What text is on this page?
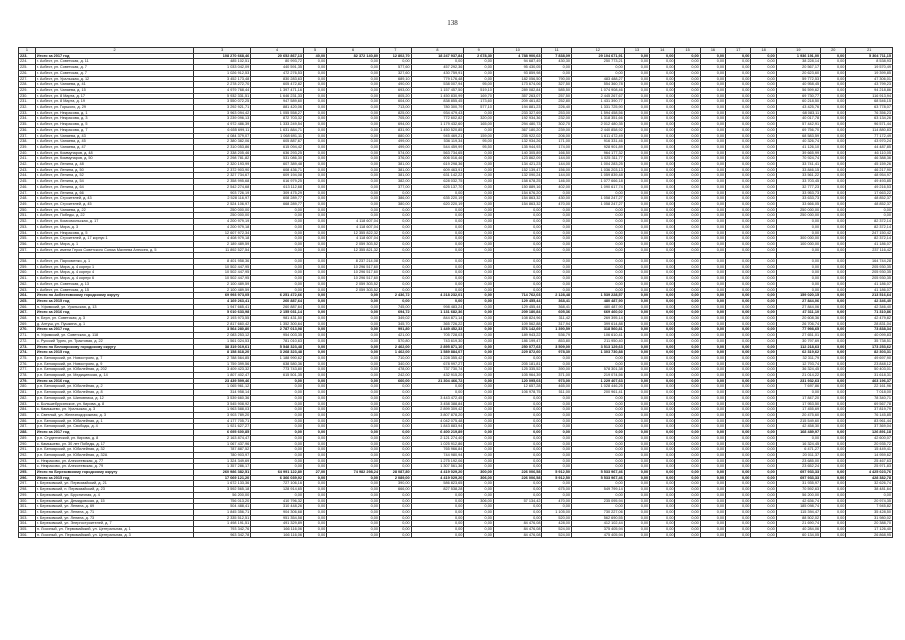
138
1	2	3	4	5	6	7	8	9	10	11	12	13	14	15	16	17	18	19	20	21
223.	Итого за 2017 год	108 270 668,46	20 652 867,13	40,00	82 372 140,80	12 802,70	18 247 937,84	2 678,30	4 788 900,63	7 838,09	29 104 671,91	0,00	0,00	0,00	0,00	0,00	0,00	1 936 191,00	0,00	5 304 711,15
224.	г. Асбест, ул. Советская, д. 11	485 102,51	80 993,72	0,00	0,00	0,00	0,00	0,00	94 687,49	430,30	250 773,21	0,00	0,00	0,00	0,00	0,00	0,00	38 228,14	0,00	8 538,93
225.	г. Асбест, ул. Советская, д. 7	1 033 042,09	440 591,35	0,00	0,00	577,60	457 292,36	0,00	95 430,05	0,00	0,00	0,00	0,00	0,00	0,00	0,00	0,00	20 567,17	0,00	19 570,49
226.	г. Асбест, ул. Советская, д. 7	1 026 912,53	472 276,53	0,00	0,00	327,60	430 759,91	0,00	93 859,98	0,00	0,00	0,00	0,00	0,00	0,00	0,00	0,00	20 623,60	0,00	19 399,85
227.	г. Асбест, ул. Уральская, д. 12	3 452 173,48	830 283,63	0,00	0,00	689,10	779 176,48	0,00	182 056,50	790,00	483 488,27	0,00	0,00	0,00	0,00	0,00	0,00	59 772,53	0,00	47 306,01
228.	г. Асбест, ул. Чапаева, д. 41	2 278 272,70	605 472,82	0,00	0,00	490,00	538 007,94	95,00	173 674,06	327,50	554 360,78	0,00	0,00	0,00	0,00	0,00	0,00	40 958,45	0,00	43 799,23
229.	г. Асбест, ул. Чапаева, д. 15	4 979 768,44	1 397 471,16	0,00	0,00	693,00	1 157 457,50	519,10	289 082,84	585,50	1 074 908,46	0,00	0,00	0,00	0,00	0,00	0,00	56 599,62	0,00	94 218,86
230.	г. Асбест, ул. 8 Марта, д. 17	5 932 331,51	1 646 231,33	0,00	0,00	805,20	1 450 830,99	169,70	357 263,07	257,50	2 445 267,67	0,00	0,00	0,00	0,00	0,00	0,00	69 730,77	0,00	116 913,94
231.	г. Асбест, ул. 8 Марта, д. 19	3 550 072,25	947 589,60	0,00	0,00	604,00	838 855,45	173,60	209 461,82	252,80	1 431 390,77	0,00	0,00	0,00	0,00	0,00	0,00	60 218,50	0,00	68 546,15
232.	г. Асбест, ул. Горького, д. 29	3 292 921,71	881 420,06	0,00	0,00	713,00	780 300,79	577,10	194 881,23	226,40	1 331 725,90	0,00	0,00	0,00	0,00	0,00	0,00	43 425,76	0,00	63 778,07
233.	г. Асбест, ул. Некрасова, д. 1	3 963 094,42	1 055 558,27	0,00	0,00	825,00	934 479,43	0,00	233 327,69	253,00	1 594 458,56	0,00	0,00	0,00	0,00	0,00	0,00	68 083,11	0,00	76 356,23
234.	г. Асбест, ул. Некрасова, д. 3	3 239 096,13	872 703,32	0,00	0,00	705,00	772 602,82	320,00	192 934,36	232,00	1 318 351,66	0,00	0,00	0,00	0,00	0,00	0,00	40 017,78	0,00	63 134,26
235.	г. Асбест, ул. Некрасова, д. 5	4 972 486,39	1 333 249,54	0,00	0,00	694,00	1 179 432,60	165,00	294 480,73	302,70	2 012 480,35	0,00	0,00	0,00	0,00	0,00	0,00	57 442,91	0,00	96 571,44
236.	г. Асбест, ул. Некрасова, д. 7	6 655 699,11	1 631 884,71	0,00	0,00	831,90	1 450 520,85	0,00	367 180,20	239,00	2 440 858,92	0,00	0,00	0,00	0,00	0,00	0,00	69 756,70	0,00	114 880,83
237.	г. Асбест, ул. Чапаева, д. 43	4 084 379,07	1 068 691,11	0,00	0,00	880,00	945 469,21	159,00	235 922,02	206,00	1 611 472,49	0,00	0,00	0,00	0,00	0,00	0,00	68 583,59	0,00	77 172,49
238.	г. Асбест, ул. Чапаева, д. 45	2 380 382,06	605 887,67	0,00	0,00	499,00	536 119,34	95,00	132 934,26	171,00	916 331,46	0,00	0,00	0,00	0,00	0,00	0,00	40 326,74	0,00	43 970,24
239.	г. Асбест, ул. Чапаева, д. 47	2 310 053,86	615 094,42	0,00	0,00	499,00	544 459,99	95,50	135 944,93	174,00	928 901,89	0,00	0,00	0,00	0,00	0,00	0,00	41 126,10	0,00	44 487,85
240.	г. Асбест, ул. Коммунаров, д. 48	2 338 205,46	636 293,25	0,00	0,00	574,00	563 734,65	0,00	140 305,89	166,50	964 177,32	0,00	0,00	0,00	0,00	0,00	0,00	39 665,99	0,00	46 110,05
241.	г. Асбест, ул. Коммунаров, д. 50	2 298 781,82	531 086,30	0,00	0,00	376,00	606 016,46	0,00	123 862,09	144,00	1 025 311,77	0,00	0,00	0,00	0,00	0,00	0,00	70 924,74	0,00	46 388,36
242.	г. Асбест, ул. Ленина, д. 48	2 320 193,99	607 389,48	0,00	0,00	381,00	619 298,36	0,00	134 421,23	144,00	1 004 283,25	0,00	0,00	0,00	0,00	0,00	0,00	33 741,41	0,00	45 159,26
243.	г. Асбест, ул. Ленина, д. 50	2 372 903,90	608 436,71	0,00	0,00	381,00	609 463,91	0,00	152 139,47	156,00	1 036 203,13	0,00	0,00	0,00	0,00	0,00	0,00	33 846,15	0,00	46 217,90
244.	г. Асбест, ул. Ленина, д. 52	2 327 734,67	609 194,08	0,00	0,00	381,00	631 142,22	0,00	132 090,24	144,00	1 059 839,48	0,00	0,00	0,00	0,00	0,00	0,00	33 561,22	0,00	48 954,97
245.	г. Асбест, ул. Ленина, д. 54	2 358 995,68	616 979,25	0,00	0,00	382,00	628 032,75	0,00	158 678,25	146,00	1 077 666,18	0,00	0,00	0,00	0,00	0,00	0,00	33 703,45	0,00	49 493,85
246.	г. Асбест, ул. Ленина, д. 64	2 542 274,68	613 112,68	0,00	0,00	377,00	625 137,70	0,00	150 889,16	402,00	1 090 617,74	0,00	0,00	0,00	0,00	0,00	0,00	32 777,23	0,00	49 216,53
247.	г. Асбест, ул. Ленина, д. 66	903 726,19	309 475,29	0,00	0,00	0,00	0,00	0,00	154 676,20	0,00	0,00	0,00	0,00	0,00	0,00	0,00	0,00	33 953,73	0,00	17 663,22
248.	г. Асбест, ул. Строителей, д. 43	2 528 116,97	608 289,77	0,00	0,00	386,00	635 220,19	0,00	154 863,32	430,00	1 058 247,27	0,00	0,00	0,00	0,00	0,00	0,00	33 633,73	0,00	48 852,37
249.	г. Асбест, ул. Строителей, д. 45	2 524 106,97	668 289,77	0,00	0,00	380,00	620 220,19	0,00	154 863,32	470,00	1 058 247,27	0,00	0,00	0,00	0,00	0,00	0,00	33 666,05	0,00	48 852,37
250.	г. Асбест, ул. Чапаева, д. 22	250 000,00	0,00	0,00	0,00	0,00	0,00	0,00	0,00	0,00	0,00	0,00	0,00	0,00	0,00	0,00	0,00	250 000,00	0,00	0,00
251.	г. Асбест, ул. Победы, д. 22	250 000,00	0,00	0,00	0,00	0,00	0,00	0,00	0,00	0,00	0,00	0,00	0,00	0,00	0,00	0,00	0,00	250 000,00	0,00	0,00
252.	г. Асбест, ул. Комсомольская, д. 17	4 200 979,19	0,00	0,00	4 118 607,04	0,00	0,00	0,00	0,00	0,00	0,00	0,00	0,00	0,00	0,00	0,00	0,00	0,00	0,00	82 372,14
253.	г. Асбест, ул. Мира, д. 3	4 200 979,18	0,00	0,00	4 118 607,04	0,00	0,00	0,00	0,00	0,00	0,00	0,00	0,00	0,00	0,00	0,00	0,00	0,00	0,00	82 372,14
254.	г. Асбест, ул. Некрасова, д. 5	12 607 972,34	0,00	0,00	12 355 822,32	0,00	0,00	0,00	0,00	0,00	0,00	0,00	0,00	0,00	0,00	0,00	0,00	0,00	0,00	247 150,42
255.	г. Асбест, ул. Строителей, д. 17 корпус 1	4 408 979,18	0,00	0,00	4 118 607,04	0,00	0,00	0,00	0,00	0,00	0,00	0,00	0,00	0,00	0,00	0,00	0,00	300 000,00	0,00	82 372,14
256.	г. Асбест, ул. Мира, д. 1	2 189 489,59	0,00	0,00	2 059 303,52	0,00	0,00	0,00	0,00	0,00	0,00	0,00	0,00	0,00	0,00	0,00	0,00	100 000,00	0,00	41 186,07
257.	г. Асбест, ул. имени Героя Советского Союза Махнева Алексея, д. 5	11 892 527,54	0,00	0,00	12 355 821,32	0,00	0,00	0,00	0,00	0,00	0,00	0,00	0,00	0,00	0,00	0,00	0,00	0,00	0,00	237 116,42

258.	г. Асбест, ул. Пархоменко, д. 1	8 401 958,36	0,00	0,00	8 237 214,08	0,00	0,00	0,00	0,00	0,00	0,00	0,00	0,00	0,00	0,00	0,00	0,00	0,00	0,00	164 744,28
259.	г. Асбест, ул. Мира, д. 4 корпус 1	10 502 447,95	0,00	0,00	10 296 517,60	0,00	0,00	0,00	0,00	0,00	0,00	0,00	0,00	0,00	0,00	0,00	0,00	0,00	0,00	205 930,35
260.	г. Асбест, ул. Мира, д. 4 корпус 4	10 502 447,95	0,00	0,00	10 296 517,60	0,00	0,00	0,00	0,00	0,00	0,00	0,00	0,00	0,00	0,00	0,00	0,00	0,00	0,00	205 930,35
261.	г. Асбест, ул. Мира, д. 4 корпус 6	10 502 447,95	0,00	0,00	10 296 517,60	0,00	0,00	0,00	0,00	0,00	0,00	0,00	0,00	0,00	0,00	0,00	0,00	0,00	0,00	205 930,35
262.	г. Асбест, ул. Советская, д. 13	2 100 489,59	0,00	0,00	2 059 303,52	0,00	0,00	0,00	0,00	0,00	0,00	0,00	0,00	0,00	0,00	0,00	0,00	0,00	0,00	41 186,07
263.	г. Асбест, ул. Советская, д. 15	2 100 489,59	0,00	0,00	2 059 303,52	0,00	0,00	0,00	0,00	0,00	0,00	0,00	0,00	0,00	0,00	0,00	0,00	0,00	0,00	41 186,07
264.	Итого по Асбестовскому городскому округу	69 993 973,05	6 251 472,66	0,00	0,00	2 436,72	4 218 232,01	0,00	714 762,03	2 128,48	1 539 228,57	0,00	0,00	0,00	0,00	0,00	0,00	159 020,15	0,00	213 516,64
265.	Итого за 2015 год	4 169 263,41	260 887,64	0,00	0,00	0,00	0,00	0,00	129 455,44	368,41	480 487,90	0,00	0,00	0,00	0,00	0,00	0,00	27 844,06	0,00	42 346,40
266.	п. Уфимский, ул. Уральская, д. 13	1 947 665,41	260 887,64	0,00	0,00	745,00	998 483,24	0,00	129 455,44	368,41	480 487,90	0,00	0,00	0,00	0,00	0,00	0,00	27 844,06	0,00	42 346,40
267.	Итого за 2016 год	5 010 633,98	2 155 031,14	0,00	0,00	694,72	1 131 682,36	0,00	209 180,84	605,36	669 460,02	0,00	0,00	0,00	0,00	0,00	0,00	47 311,10	0,00	71 310,86
268.	п. Берл, ул. Советская, д. 3	2 193 973,55	981 431,50	0,00	0,00	349,02	844 871,14	0,00	108 824,96	311,42	269 395,14	0,00	0,00	0,00	0,00	0,00	0,00	20 608,36	0,00	42 479,82
269.	д. Алтуш, ул. Пушкина, д. 1	2 817 660,42	1 352 300,64	0,00	0,00	345,70	365 726,22	0,00	109 562,88	317,94	399 614,88	0,00	0,00	0,00	0,00	0,00	0,00	26 706,74	0,00	28 831,04
270.	Итого за 2017 год	3 564 280,80	2 787 013,98	0,00	0,00	991,80	1 449 452,33	0,00	376 142,69	1 390,59	318 560,81	0,00	0,00	0,00	0,00	0,00	0,00	77 998,65	0,00	73 838,34
271.	п. Уфимский, ул. Советская, д. 118	2 083 253,12	954 003,35	0,00	0,00	421,00	705 728,03	0,00	189 943,22	536,79	106 610,41	0,00	0,00	0,00	0,00	0,00	0,00	27 651,01	0,00	40 099,83
272.	с. Русский Турек, ул. Трактовая, д. 22	1 561 024,53	781 010,63	0,00	0,00	570,80	743 619,30	0,00	186 199,47	853,80	211 950,40	0,00	0,00	0,00	0,00	0,00	0,00	30 797,69	0,00	35 738,51
273.	Итого по Белоярскому городскому округу	38 319 019,61	5 548 323,48	0,00	0,00	2 462,00	2 895 871,10	0,00	250 077,63	3 509,00	3 513 129,63	0,00	0,00	0,00	0,00	0,00	0,00	112 218,63	0,00	173 253,62
274.	Итого за 2015 год	8 158 818,20	3 268 323,48	0,00	0,00	1 462,00	1 589 884,07	0,00	229 872,60	978,30	1 303 730,88	0,00	0,00	0,00	0,00	0,00	0,00	62 319,62	0,00	82 303,31
275.	р.п. Белоярский, ул. Новостроек, д. 7	2 788 564,85	1 188 990,62	0,00	0,00	710,00	1 228 355,42	0,00	0,00	0,00	0,00	0,00	0,00	0,00	0,00	0,00	0,00	32 311,79	0,00	49 697,90
276.	р.п. Белоярский, ул. Новостроек, д. 9	1 759 399,56	638 580,36	0,00	0,00	340,00	678 997,27	0,00	205 181,81	0,00	0,00	0,00	0,00	0,00	0,00	0,00	0,00	12 793,74	0,00	23 848,12
277.	р.п. Белоярский, ул. Юбилейная, д. 202	3 409 423,32	773 743,80	0,00	0,00	478,00	737 730,74	0,00	125 335,52	390,00	578 301,38	0,00	0,00	0,00	0,00	0,00	0,00	36 324,45	0,00	50 403,01
278.	р.п. Белоярский, ул. Медицинская, д. 14	1 807 402,47	615 501,35	0,00	0,00	242,00	432 915,20	0,00	105 964,39	371,00	219 074,56	0,00	0,00	0,00	0,00	0,00	0,00	21 014,22	0,00	31 618,31
279.	Итого за 2016 год	23 439 599,46	0,00	0,00	0,00	660,00	21 304 466,72	0,00	120 095,03	973,00	1 229 407,63	0,00	0,00	0,00	0,00	0,00	0,00	231 932,63	0,00	463 196,37
280.	р.п. Белоярский, ул. Юбилейная, д. 2	1 065 961,12	0,00	0,00	0,00	0,00	0,00	0,00	12 657,28	465,00	1 028 446,25	0,00	0,00	0,00	0,00	0,00	0,00	7 697,86	0,00	22 161,96
281.	р.п. Белоярский, ул. Юбилейная, д. 8	314 958,14	0,00	0,00	0,00	0,00	0,00	0,00	106 978,75	511,00	200 961,41	0,00	0,00	0,00	0,00	0,00	0,00	0,00	0,00	7 018,00
282.	р.п. Белоярский, ул. Шиповника, д. 12	3 539 660,36	0,00	0,00	0,00	0,00	3 443 472,45	0,00	0,00	0,00	0,00	0,00	0,00	0,00	0,00	0,00	0,00	17 847,20	0,00	78 340,71
283.	с. Большебрусянское, ул. Кирова, д. 8	3 545 908,92	0,00	0,00	0,00	0,00	3 458 388,84	0,00	0,00	0,00	0,00	0,00	0,00	0,00	0,00	0,00	0,00	17 953,50	0,00	69 567,78
284.	с. Камышево, ул. Уральская, д. 3	1 963 588,03	0,00	0,00	0,00	0,00	2 899 309,42	0,00	0,00	0,00	0,00	0,00	0,00	0,00	0,00	0,00	0,00	17 455,69	0,00	37 819,79
285.	с. Светлый, ул. Железнодорожная, д. 3	3 903 789,20	0,00	0,00	0,00	0,00	3 807 878,20	0,00	0,00	0,00	0,00	0,00	0,00	0,00	0,00	0,00	0,00	20 475,60	0,00	76 145,85
286.	р.п. Белоярский, ул. Юбилейная, д. 1	4 177 705,71	0,00	0,00	0,00	0,00	4 042 075,48	0,00	0,00	0,00	0,00	0,00	0,00	0,00	0,00	0,00	0,00	215 549,60	0,00	83 961,44
287.	р.п. Белоярский, ул. Свободы, д. 4	1 921 627,27	0,00	0,00	0,00	0,00	1 843 883,94	0,00	0,00	0,00	0,00	0,00	0,00	0,00	0,00	0,00	0,00	42 458,30	0,00	37 369,04
288.	Итого за 2017 год	6 695 600,85	0,00	0,00	0,00	0,00	6 400 219,89	0,00	0,00	0,00	0,00	0,00	0,00	0,00	0,00	0,00	0,00	168 489,97	0,00	126 891,18
289.	р.п. Студенческий, ул. Кирова, д. 8	2 163 874,47	0,00	0,00	0,00	0,00	2 121 274,40	0,00	0,00	0,00	0,00	0,00	0,00	0,00	0,00	0,00	0,00	0,00	0,00	42 600,07
290.	с. Камышево, ул. 30 лет Победы, д. 17	1 067 437,96	0,00	0,00	0,00	0,00	1 025 912,86	0,00	0,00	0,00	0,00	0,00	0,00	0,00	0,00	0,00	0,00	16 324,45	0,00	20 935,72
291.	р.п. Белоярский, ул. Юбилейная, д. 32	787 887,52	0,00	0,00	0,00	0,00	765 966,84	0,00	0,00	0,00	0,00	0,00	0,00	0,00	0,00	0,00	0,00	6 471,27	0,00	15 449,41
292.	р.п. Белоярский, ул. Юбилейная, д. 32А	780 903,97	0,00	0,00	0,00	0,00	744 980,94	0,00	0,00	0,00	0,00	0,00	0,00	0,00	0,00	0,00	0,00	20 011,37	0,00	14 959,62
293.	с. Некрасово, ул. Алексеевская, д. 77	1 324 349,69	0,00	0,00	0,00	0,00	1 275 192,06	0,00	0,00	0,00	0,00	0,00	0,00	0,00	0,00	0,00	0,00	23 685,00	0,00	25 467,63
294.	с. Некрасово, ул. Алексеевская, д. 79	1 357 286,17	0,00	0,00	0,00	0,00	1 307 561,36	0,00	0,00	0,00	0,00	0,00	0,00	0,00	0,00	0,00	0,00	23 652,24	0,00	25 971,83
295.	Итого по Березовскому городскому округу	260 986 382,51	64 991 122,80	27,00	74 982 298,24	28 087,80	4 419 029,20	300,00	226 006,58	5 912,50	5 533 967,46	0,00	0,00	0,00	0,00	0,00	0,00	697 933,33	0,00	4 425 023,76
296.	Итого за 2015 год	17 069 121,20	6 366 039,92	0,00	0,00	2 089,00	4 419 029,20	306,00	226 006,58	5 912,50	5 533 967,46	0,00	0,00	0,00	0,00	0,00	0,00	697 933,33	0,00	428 382,78
297.	г. Березовский, ул. Первомайский, д. 21	1 672 133,36	727 106,16	0,00	0,00	390,00	586 823,65	0,00	0,00	0,00	0,00	0,00	0,00	0,00	0,00	0,00	0,00	31 935,97	0,00	32 626,74
298.	г. Березовский, п. Первомайский, д. 23	3 592 565,18	128 914,65	0,00	0,00	666,00	827 538,28	0,00	0,00	675,00	549 799,14	0,00	0,00	0,00	0,00	0,00	0,00	70 592,63	0,00	38 481,64
299.	г. Березовский, ул. Брусничная, д. 4	56 200,00	0,00	0,00	0,00	0,00	0,00	0,00	0,00	0,00	0,00	0,00	0,00	0,00	0,00	0,00	0,00	56 200,00	0,00	0,00
300.	г. Березовский, ул. Демидовская, д. 15	756 013,20	410 796,32	0,00	0,00	0,00	0,00	306,00	57 134,42	470,00	235 095,94	0,00	0,00	0,00	0,00	0,00	0,00	42 636,74	0,00	20 974,35
301.	г. Березовский, ул. Ленина, д. 69	504 488,41	310 448,26	0,00	0,00	0,00	0,00	0,00	0,00	0,00	0,00	0,00	0,00	0,00	0,00	0,00	0,00	185 098,74	0,00	7 945,82
302.	г. Березовский, ул. Ленина, д. 71	1 845 356,71	904 306,68	0,00	0,00	0,00	0,00	0,00	0,00	1 105,00	730 227,06	0,00	0,00	0,00	0,00	0,00	0,00	115 394,47	0,00	35 428,50
303.	г. Березовский, ул. Ленина, д. 73	2 335 512,51	951 354,58	0,00	0,00	0,00	0,00	0,00	0,00	520,00	562 690,55	0,00	0,00	0,00	0,00	0,00	0,00	88 502,02	0,00	31 980,02
304.	г. Березовский, ул. Энергостроителей, д. 7	1 498 191,51	491 329,89	0,00	0,00	0,00	0,00	0,00	84 476,08	428,00	412 102,44	0,00	0,00	0,00	0,00	0,00	0,00	21 690,74	0,00	20 388,70
305.	п. Лосиный, ул. Первомайский, ул. Центральная, д. 1	793 342,76	166 116,06	0,00	0,00	0,00	0,00	0,00	84 476,08	524,00	375 405,94	0,00	0,00	0,00	0,00	0,00	0,00	40 284,06	0,00	17 126,40
306.	п. Лосиный, ул. Первомайский, ул. Центральная, д. 3	963 342,78	166 116,06	0,00	0,00	0,00	0,00	0,00	84 476,08	524,00	475 405,94	0,00	0,00	0,00	0,00	0,00	0,00	60 134,05	0,00	26 868,95
